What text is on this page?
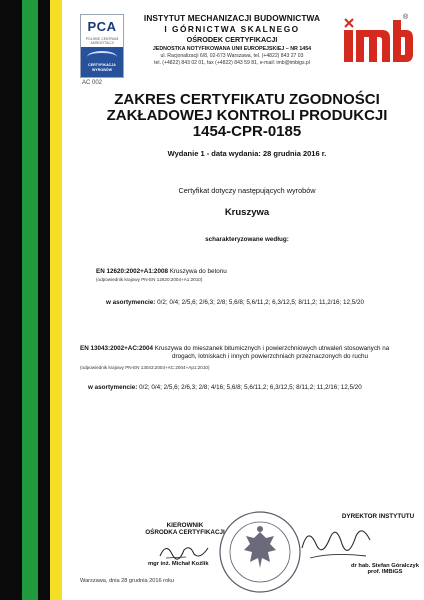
PCA
POLSKIE CENTRUM AKREDYTACJI
CERTYFIKACJA
WYROBÓW
AC 002
INSTYTUT MECHANIZACJI BUDOWNICTWA
I GÓRNICTWA SKALNEGO
OŚRODEK CERTYFIKACJI
JEDNOSTKA NOTYFIKOWANA UNII EUROPEJSKIEJ – NR 1454
ul. Racjonalizacji 6/8, 02-673 Warszawa, tel. (+4822) 843 27 03
tel. (+4822) 843 02 01, fax (+4822) 843 59 81, e-mail: imb@imbigs.pl
®
ZAKRES CERTYFIKATU ZGODNOŚCI
ZAKŁADOWEJ KONTROLI PRODUKCJI
1454-CPR-0185
Wydanie 1 - data wydania: 28 grudnia 2016 r.
Certyfikat dotyczy następujących wyrobów
Kruszywa
scharakteryzowane według:
EN 12620:2002+A1:2008 Kruszywa do betonu
(odpowiednik krajowy PN-EN 12620:2004+A1:2010)
w asortymencie: 0/2; 0/4; 2/5,6; 2/6,3; 2/8; 5,6/8; 5,6/11,2; 6,3/12,5; 8/11,2; 11,2/16; 12,5/20
EN 13043:2002+AC:2004 Kruszywa do mieszanek bitumicznych i powierzchniowych utrwaleń stosowanych na
drogach, lotniskach i innych powierzchniach przeznaczonych do ruchu
(odpowiednik krajowy PN-EN 13043:2004+AC:2004+Ap1:2010)
w asortymencie: 0/2; 0/4; 2/5,6; 2/6,3; 2/8; 4/16; 5,6/8; 5,6/11,2; 6,3/12,5; 8/11,2; 11,2/16; 12,5/20
KIEROWNIK
OŚRODKA CERTYFIKACJI
mgr inż. Michał Koźlik
DYREKTOR INSTYTUTU
dr hab. Stefan Góralczyk
prof. IMBiGS
Warszawa, dnia 28 grudnia 2016 roku
